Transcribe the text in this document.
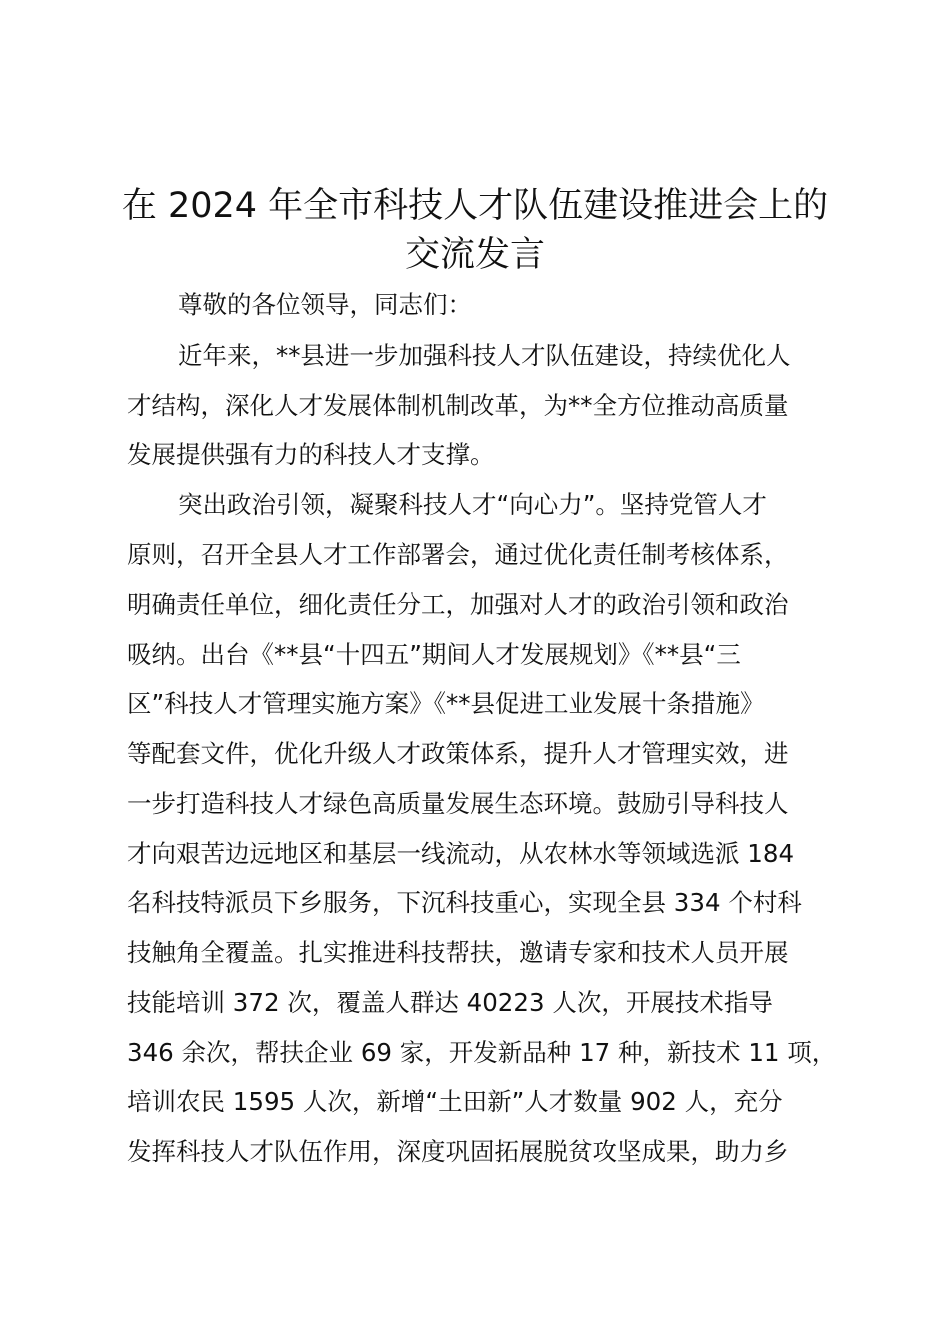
在 2024 年全市科技人才队伍建设推进会上的
交流发言
尊敬的各位领导，同志们：
近年来，**县进一步加强科技人才队伍建设，持续优化人
才结构，深化人才发展体制机制改革，为**全方位推动高质量
发展提供强有力的科技人才支撑。
突出政治引领，凝聚科技人才“向心力”。坚持党管人才
原则，召开全县人才工作部署会，通过优化责任制考核体系，
明确责任单位，细化责任分工，加强对人才的政治引领和政治
吸纳。出台《**县“十四五”期间人才发展规划》《**县“三
区”科技人才管理实施方案》《**县促进工业发展十条措施》
等配套文件，优化升级人才政策体系，提升人才管理实效，进
一步打造科技人才绿色高质量发展生态环境。鼓励引导科技人
才向艰苦边远地区和基层一线流动，从农林水等领域选派 184
名科技特派员下乡服务，下沉科技重心，实现全县 334 个村科
技触角全覆盖。扎实推进科技帮扶，邀请专家和技术人员开展
技能培训 372 次，覆盖人群达 40223 人次，开展技术指导
346 余次，帮扶企业 69 家，开发新品种 17 种，新技术 11 项，
培训农民 1595 人次，新增“土田新”人才数量 902 人，充分
发挥科技人才队伍作用，深度巩固拓展脱贫攻坚成果，助力乡
